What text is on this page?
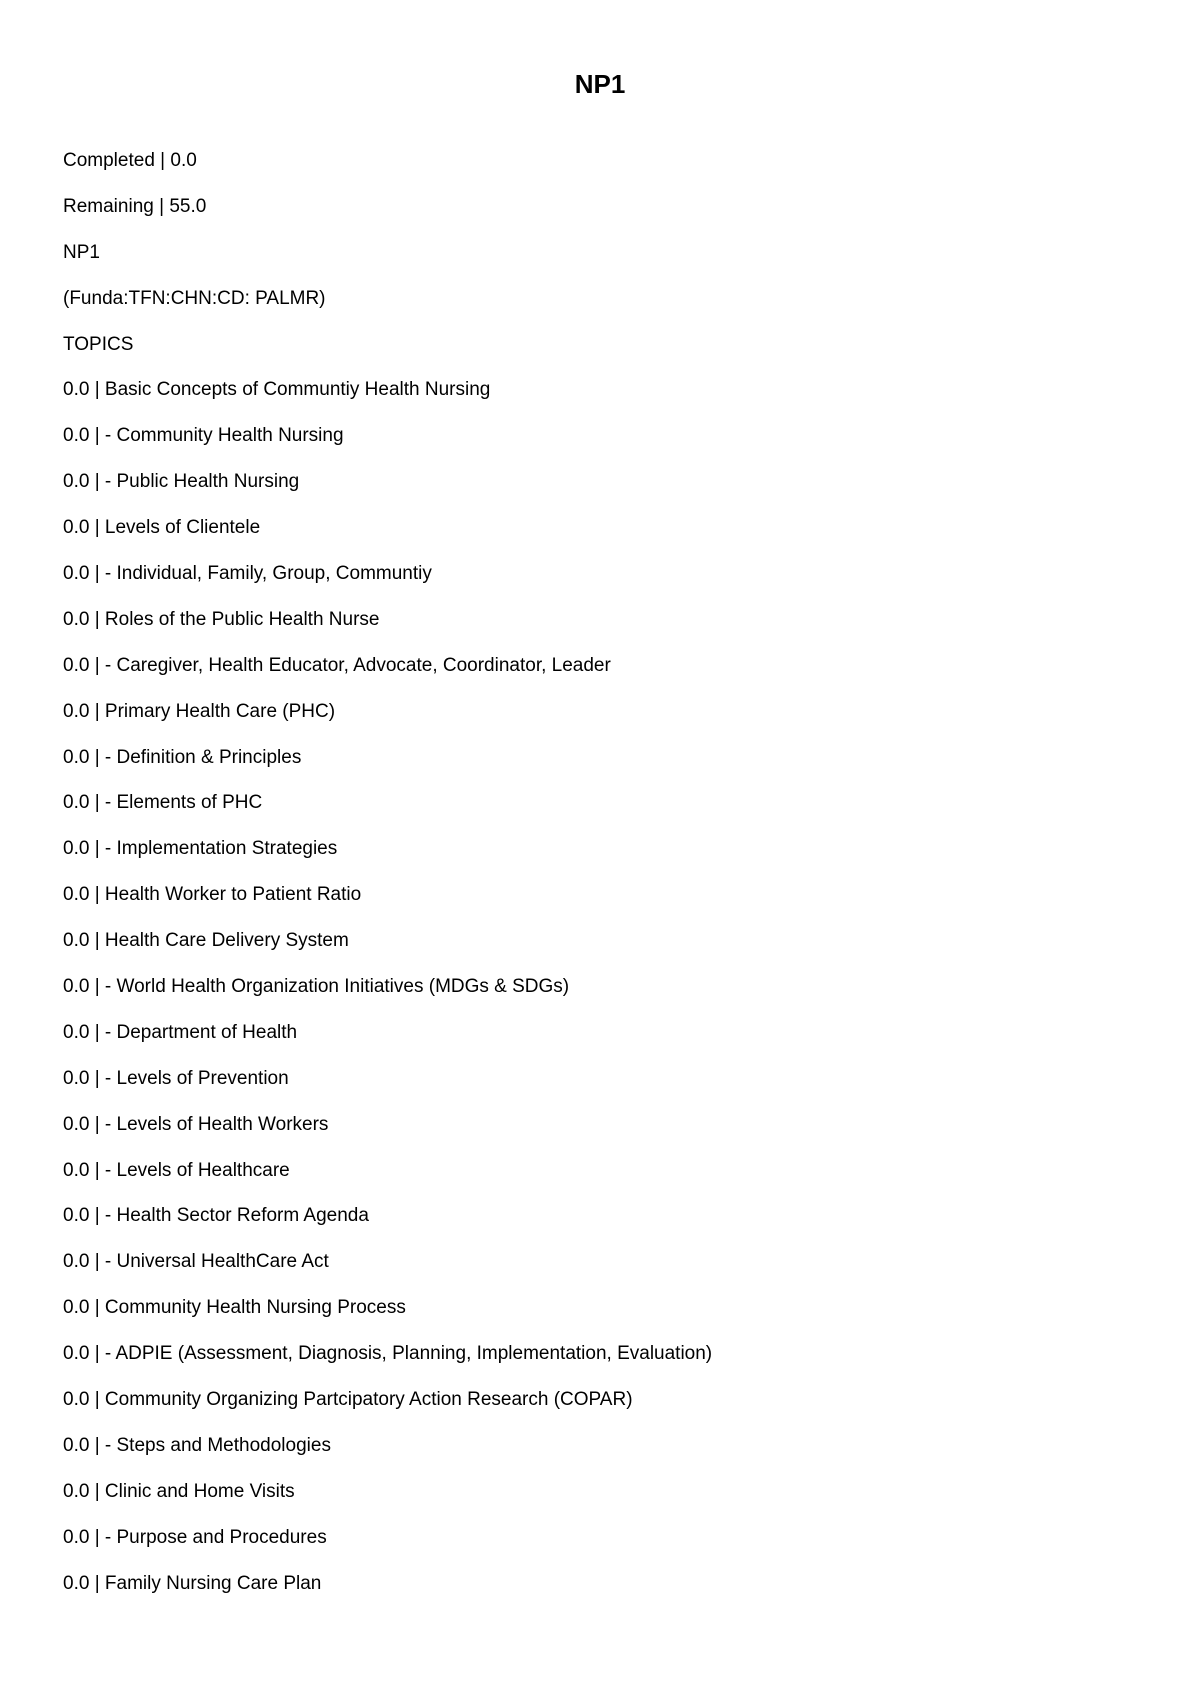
NP1
Completed | 0.0
Remaining | 55.0
NP1
(Funda:TFN:CHN:CD: PALMR)
TOPICS
0.0 | Basic Concepts of Communtiy Health Nursing
0.0 | - Community Health Nursing
0.0 | - Public Health Nursing
0.0 | Levels of Clientele
0.0 | - Individual, Family, Group, Communtiy
0.0 | Roles of the Public Health Nurse
0.0 | - Caregiver, Health Educator, Advocate, Coordinator, Leader
0.0 | Primary Health Care (PHC)
0.0 | - Definition & Principles
0.0 | - Elements of PHC
0.0 | - Implementation Strategies
0.0 | Health Worker to Patient Ratio
0.0 | Health Care Delivery System
0.0 | - World Health Organization Initiatives (MDGs & SDGs)
0.0 | - Department of Health
0.0 | - Levels of Prevention
0.0 | - Levels of Health Workers
0.0 | - Levels of Healthcare
0.0 | - Health Sector Reform Agenda
0.0 | - Universal HealthCare Act
0.0 | Community Health Nursing Process
0.0 | - ADPIE (Assessment, Diagnosis, Planning, Implementation, Evaluation)
0.0 | Community Organizing Partcipatory Action Research (COPAR)
0.0 | - Steps and Methodologies
0.0 | Clinic and Home Visits
0.0 | - Purpose and Procedures
0.0 | Family Nursing Care Plan
